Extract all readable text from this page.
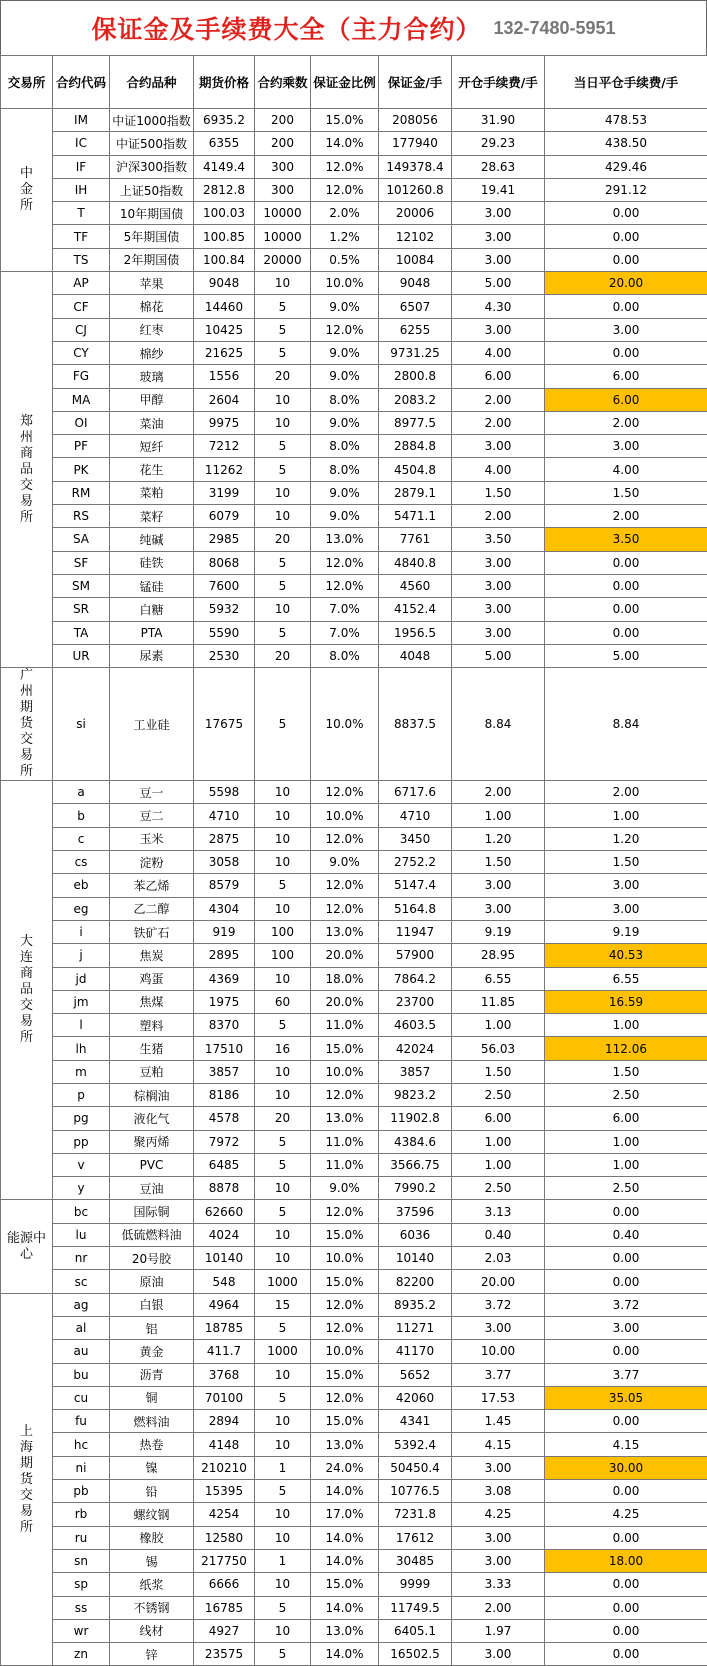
保证金及手续费大全（主力合约） 132-7480-5951
交易所	合约代码	合约品种	期货价格	合约乘数	保证金比例	保证金/手	开仓手续费/手	当日平仓手续费/手
中金所	IM	中证1000指数	6935.2	200	15.0%	208056	31.90	478.53
	IC	中证500指数	6355	200	14.0%	177940	29.23	438.50
	IF	沪深300指数	4149.4	300	12.0%	149378.4	28.63	429.46
	IH	上证50指数	2812.8	300	12.0%	101260.8	19.41	291.12
	T	10年期国债	100.03	10000	2.0%	20006	3.00	0.00
	TF	5年期国债	100.85	10000	1.2%	12102	3.00	0.00
	TS	2年期国债	100.84	20000	0.5%	10084	3.00	0.00
郑州商品交易所	AP	苹果	9048	10	10.0%	9048	5.00	20.00
	CF	棉花	14460	5	9.0%	6507	4.30	0.00
	CJ	红枣	10425	5	12.0%	6255	3.00	3.00
	CY	棉纱	21625	5	9.0%	9731.25	4.00	0.00
	FG	玻璃	1556	20	9.0%	2800.8	6.00	6.00
	MA	甲醇	2604	10	8.0%	2083.2	2.00	6.00
	OI	菜油	9975	10	9.0%	8977.5	2.00	2.00
	PF	短纤	7212	5	8.0%	2884.8	3.00	3.00
	PK	花生	11262	5	8.0%	4504.8	4.00	4.00
	RM	菜粕	3199	10	9.0%	2879.1	1.50	1.50
	RS	菜籽	6079	10	9.0%	5471.1	2.00	2.00
	SA	纯碱	2985	20	13.0%	7761	3.50	3.50
	SF	硅铁	8068	5	12.0%	4840.8	3.00	0.00
	SM	锰硅	7600	5	12.0%	4560	3.00	0.00
	SR	白糖	5932	10	7.0%	4152.4	3.00	0.00
	TA	PTA	5590	5	7.0%	1956.5	3.00	0.00
	UR	尿素	2530	20	8.0%	4048	5.00	5.00
广州期货交易所	si	工业硅	17675	5	10.0%	8837.5	8.84	8.84
大连商品交易所	a	豆一	5598	10	12.0%	6717.6	2.00	2.00
	b	豆二	4710	10	10.0%	4710	1.00	1.00
	c	玉米	2875	10	12.0%	3450	1.20	1.20
	cs	淀粉	3058	10	9.0%	2752.2	1.50	1.50
	eb	苯乙烯	8579	5	12.0%	5147.4	3.00	3.00
	eg	乙二醇	4304	10	12.0%	5164.8	3.00	3.00
	i	铁矿石	919	100	13.0%	11947	9.19	9.19
	j	焦炭	2895	100	20.0%	57900	28.95	40.53
	jd	鸡蛋	4369	10	18.0%	7864.2	6.55	6.55
	jm	焦煤	1975	60	20.0%	23700	11.85	16.59
	l	塑料	8370	5	11.0%	4603.5	1.00	1.00
	lh	生猪	17510	16	15.0%	42024	56.03	112.06
	m	豆粕	3857	10	10.0%	3857	1.50	1.50
	p	棕榈油	8186	10	12.0%	9823.2	2.50	2.50
	pg	液化气	4578	20	13.0%	11902.8	6.00	6.00
	pp	聚丙烯	7972	5	11.0%	4384.6	1.00	1.00
	v	PVC	6485	5	11.0%	3566.75	1.00	1.00
	y	豆油	8878	10	9.0%	7990.2	2.50	2.50
能源中心	bc	国际铜	62660	5	12.0%	37596	3.13	0.00
	lu	低硫燃料油	4024	10	15.0%	6036	0.40	0.40
	nr	20号胶	10140	10	10.0%	10140	2.03	0.00
	sc	原油	548	1000	15.0%	82200	20.00	0.00
上海期货交易所	ag	白银	4964	15	12.0%	8935.2	3.72	3.72
	al	铝	18785	5	12.0%	11271	3.00	3.00
	au	黄金	411.7	1000	10.0%	41170	10.00	0.00
	bu	沥青	3768	10	15.0%	5652	3.77	3.77
	cu	铜	70100	5	12.0%	42060	17.53	35.05
	fu	燃料油	2894	10	15.0%	4341	1.45	0.00
	hc	热卷	4148	10	13.0%	5392.4	4.15	4.15
	ni	镍	210210	1	24.0%	50450.4	3.00	30.00
	pb	铅	15395	5	14.0%	10776.5	3.08	0.00
	rb	螺纹钢	4254	10	17.0%	7231.8	4.25	4.25
	ru	橡胶	12580	10	14.0%	17612	3.00	0.00
	sn	锡	217750	1	14.0%	30485	3.00	18.00
	sp	纸浆	6666	10	15.0%	9999	3.33	0.00
	ss	不锈钢	16785	5	14.0%	11749.5	2.00	0.00
	wr	线材	4927	10	13.0%	6405.1	1.97	0.00
	zn	锌	23575	5	14.0%	16502.5	3.00	0.00
